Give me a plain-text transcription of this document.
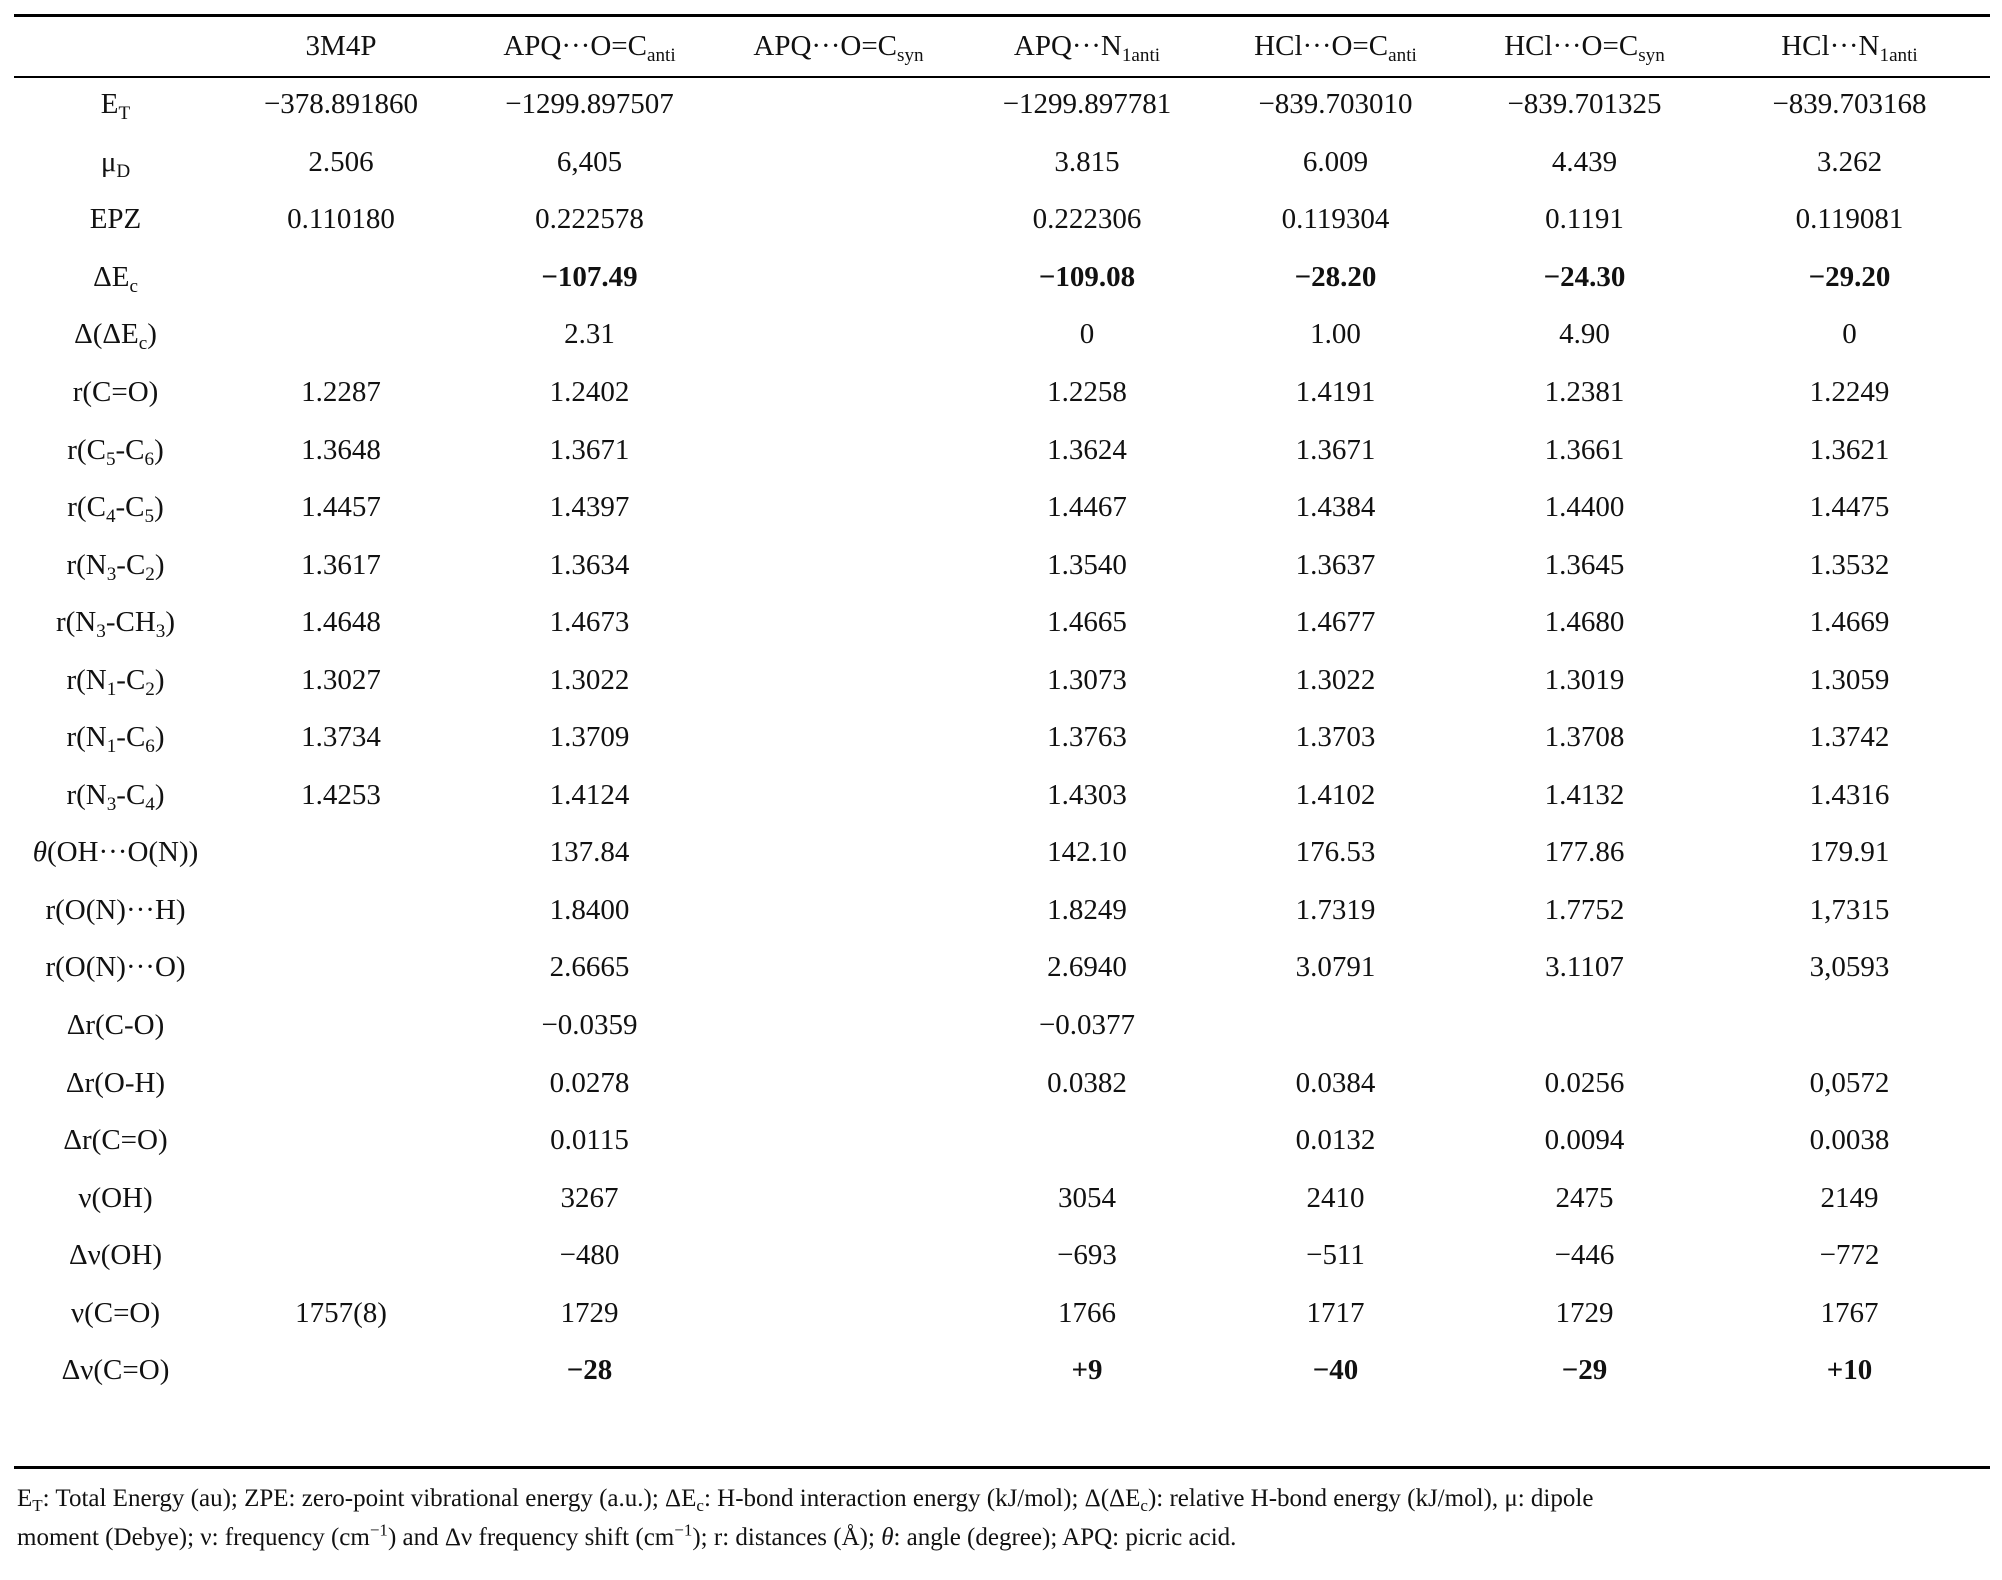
	3M4P	$APQ\cdot\cdot\cdot O=C_{anti}$	$APQ\cdot\cdot\cdot O=C_{syn}$	$APQ\cdot\cdot\cdot N_{1anti}$	$HCl\cdot\cdot\cdot O=C_{anti}$	$HCl\cdot\cdot\cdot O=C_{syn}$	$HCl\cdot\cdot\cdot N_{1anti}$
$E_T$	−378.891860	−1299.897507		−1299.897781	−839.703010	−839.701325	−839.703168
$\mu_D$	2.506	6,405		3.815	6.009	4.439	3.262
EPZ	0.110180	0.222578		0.222306	0.119304	0.1191	0.119081
$\Delta E_c$		−107.49		−109.08	−28.20	−24.30	−29.20
$\Delta(\Delta E_c)$		2.31		0	1.00	4.90	0
r(C=O)	1.2287	1.2402		1.2258	1.4191	1.2381	1.2249
$r(C_5-C_6)$	1.3648	1.3671		1.3624	1.3671	1.3661	1.3621
$r(C_4-C_5)$	1.4457	1.4397		1.4467	1.4384	1.4400	1.4475
$r(N_3-C_2)$	1.3617	1.3634		1.3540	1.3637	1.3645	1.3532
$r(N_3-CH_3)$	1.4648	1.4673		1.4665	1.4677	1.4680	1.4669
$r(N_1-C_2)$	1.3027	1.3022		1.3073	1.3022	1.3019	1.3059
$r(N_1-C_6)$	1.3734	1.3709		1.3763	1.3703	1.3708	1.3742
$r(N_3-C_4)$	1.4253	1.4124		1.4303	1.4102	1.4132	1.4316
θ(OH···O(N))		137.84		142.10	176.53	177.86	179.91
r(O(N)···H)		1.8400		1.8249	1.7319	1.7752	1,7315
r(O(N)···O)		2.6665		2.6940	3.0791	3.1107	3,0593
Δr(C-O)		−0.0359		−0.0377			
Δr(O-H)		0.0278		0.0382	0.0384	0.0256	0,0572
Δr(C=O)		0.0115			0.0132	0.0094	0.0038
ν(OH)		3267		3054	2410	2475	2149
Δν(OH)		−480		−693	−511	−446	−772
ν(C=O)	1757(8)	1729		1766	1717	1729	1767
Δν(C=O)		−28		+9	−40	−29	+10
$E_T$: Total Energy (au); ZPE: zero-point vibrational energy (a.u.); $\Delta E_c$: H-bond interaction energy (kJ/mol); $\Delta(\Delta E_c)$: relative H-bond energy (kJ/mol), μ: dipole
moment (Debye); ν: frequency $(cm^{-1})$ and Δν frequency shift $(cm^{-1})$; r: distances (Å); θ: angle (degree); APQ: picric acid.
